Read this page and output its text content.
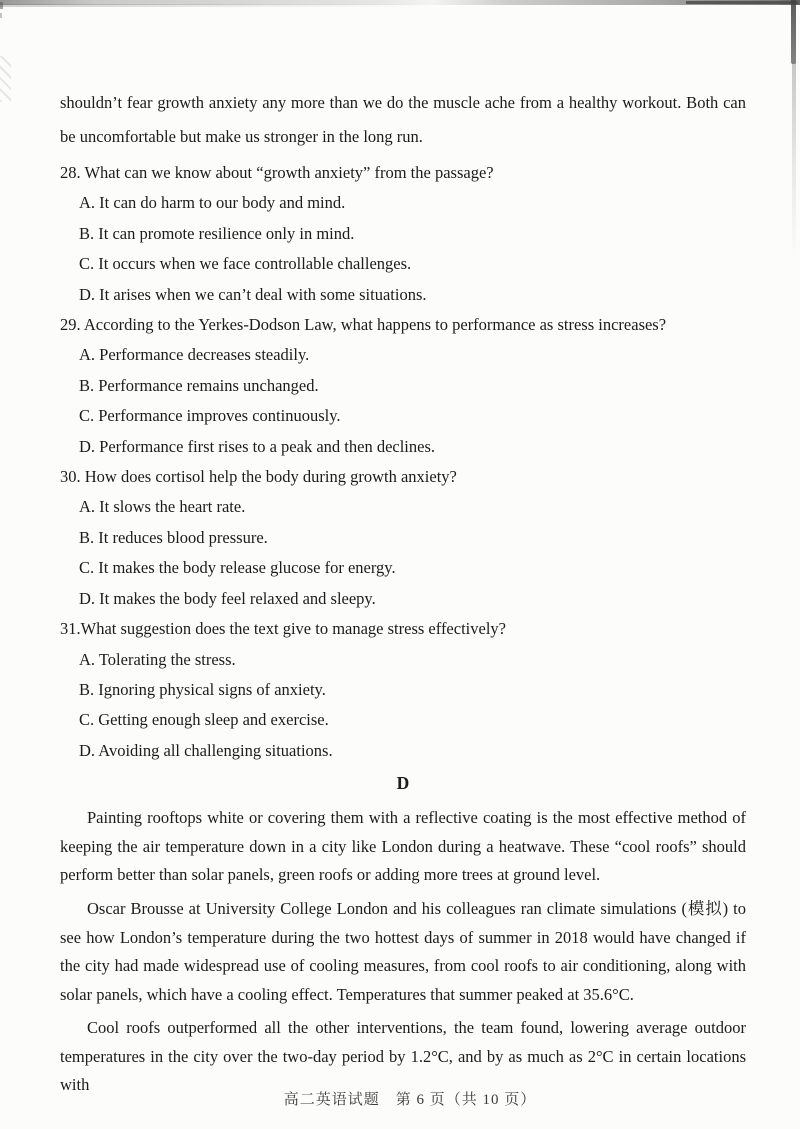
shouldn’t fear growth anxiety any more than we do the muscle ache from a healthy workout. Both can be uncomfortable but make us stronger in the long run.

28. What can we know about “growth anxiety” from the passage?
A. It can do harm to our body and mind.
B. It can promote resilience only in mind.
C. It occurs when we face controllable challenges.
D. It arises when we can’t deal with some situations.
29. According to the Yerkes-Dodson Law, what happens to performance as stress increases?
A. Performance decreases steadily.
B. Performance remains unchanged.
C. Performance improves continuously.
D. Performance first rises to a peak and then declines.
30. How does cortisol help the body during growth anxiety?
A. It slows the heart rate.
B. It reduces blood pressure.
C. It makes the body release glucose for energy.
D. It makes the body feel relaxed and sleepy.
31.What suggestion does the text give to manage stress effectively?
A. Tolerating the stress.
B. Ignoring physical signs of anxiety.
C. Getting enough sleep and exercise.
D. Avoiding all challenging situations.
D

Painting rooftops white or covering them with a reflective coating is the most effective method of keeping the air temperature down in a city like London during a heatwave. These “cool roofs” should perform better than solar panels, green roofs or adding more trees at ground level.

Oscar Brousse at University College London and his colleagues ran climate simulations (模拟) to see how London’s temperature during the two hottest days of summer in 2018 would have changed if the city had made widespread use of cooling measures, from cool roofs to air conditioning, along with solar panels, which have a cooling effect. Temperatures that summer peaked at 35.6°C.

Cool roofs outperformed all the other interventions, the team found, lowering average outdoor temperatures in the city over the two-day period by 1.2°C, and by as much as 2°C in certain locations with

高二英语试题　第 6 页（共 10 页）
